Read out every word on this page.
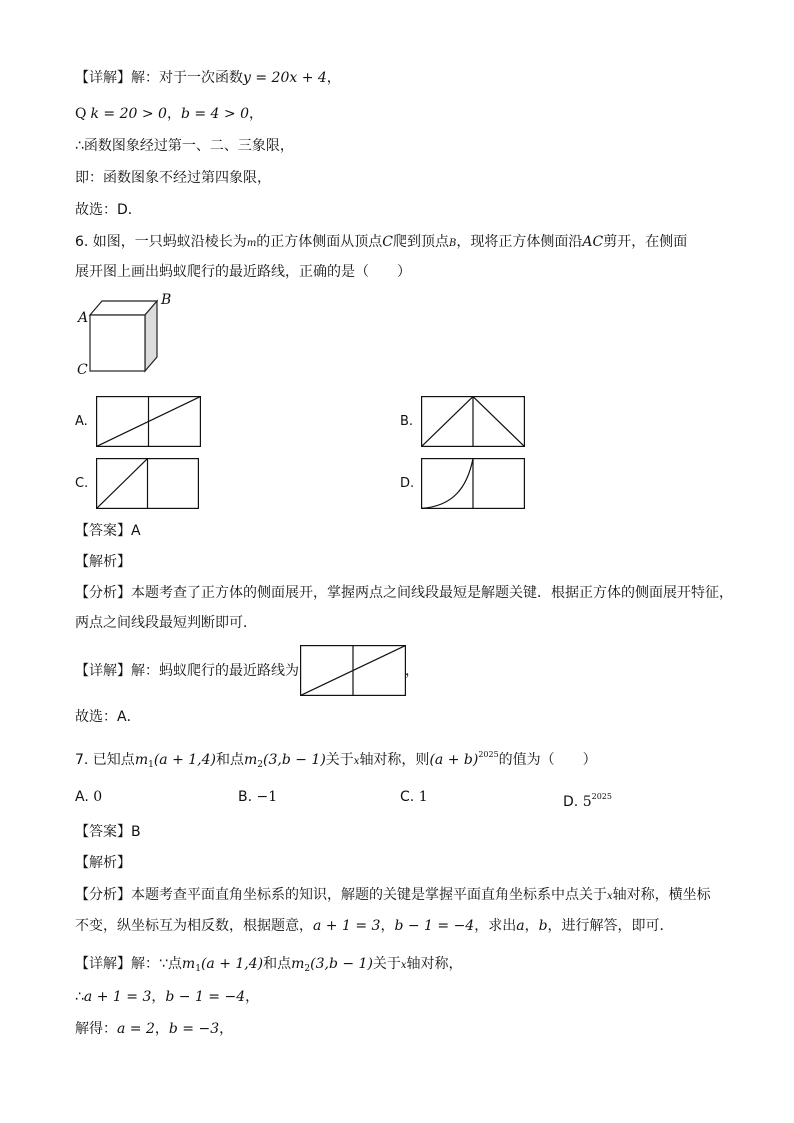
【详解】解：对于一次函数y = 20x + 4，
Q k = 20 > 0，b = 4 > 0，
∴函数图象经过第一、二、三象限，
即：函数图象不经过第四象限，
故选：D．
6. 如图，一只蚂蚁沿棱长为m的正方体侧面从顶点C爬到顶点B，现将正方体侧面沿AC剪开，在侧面
展开图上画出蚂蚁爬行的最近路线，正确的是（　　）
B
A
C
A.	B.
C.	D.
【答案】A
【解析】
【分析】本题考查了正方体的侧面展开，掌握两点之间线段最短是解题关键．根据正方体的侧面展开特征，
两点之间线段最短判断即可．
【详解】解：蚂蚁爬行的最近路线为	，
故选：A．
7. 已知点$m_1(a + 1,4)$和点$m_2(3,b - 1)$关于x轴对称，则$(a + b)^{2025}$的值为（　　）
A. 0	B. −1	C. 1	D. $5^{2025}$
【答案】B
【解析】
【分析】本题考查平面直角坐标系的知识，解题的关键是掌握平面直角坐标系中点关于x轴对称，横坐标
不变，纵坐标互为相反数，根据题意，a + 1 = 3，b − 1 = −4，求出a，b，进行解答，即可．
【详解】解：∵点$m_1(a + 1,4)$和点$m_2(3,b - 1)$关于x轴对称，
∴a + 1 = 3，b − 1 = −4，
解得：a = 2，b = −3，
